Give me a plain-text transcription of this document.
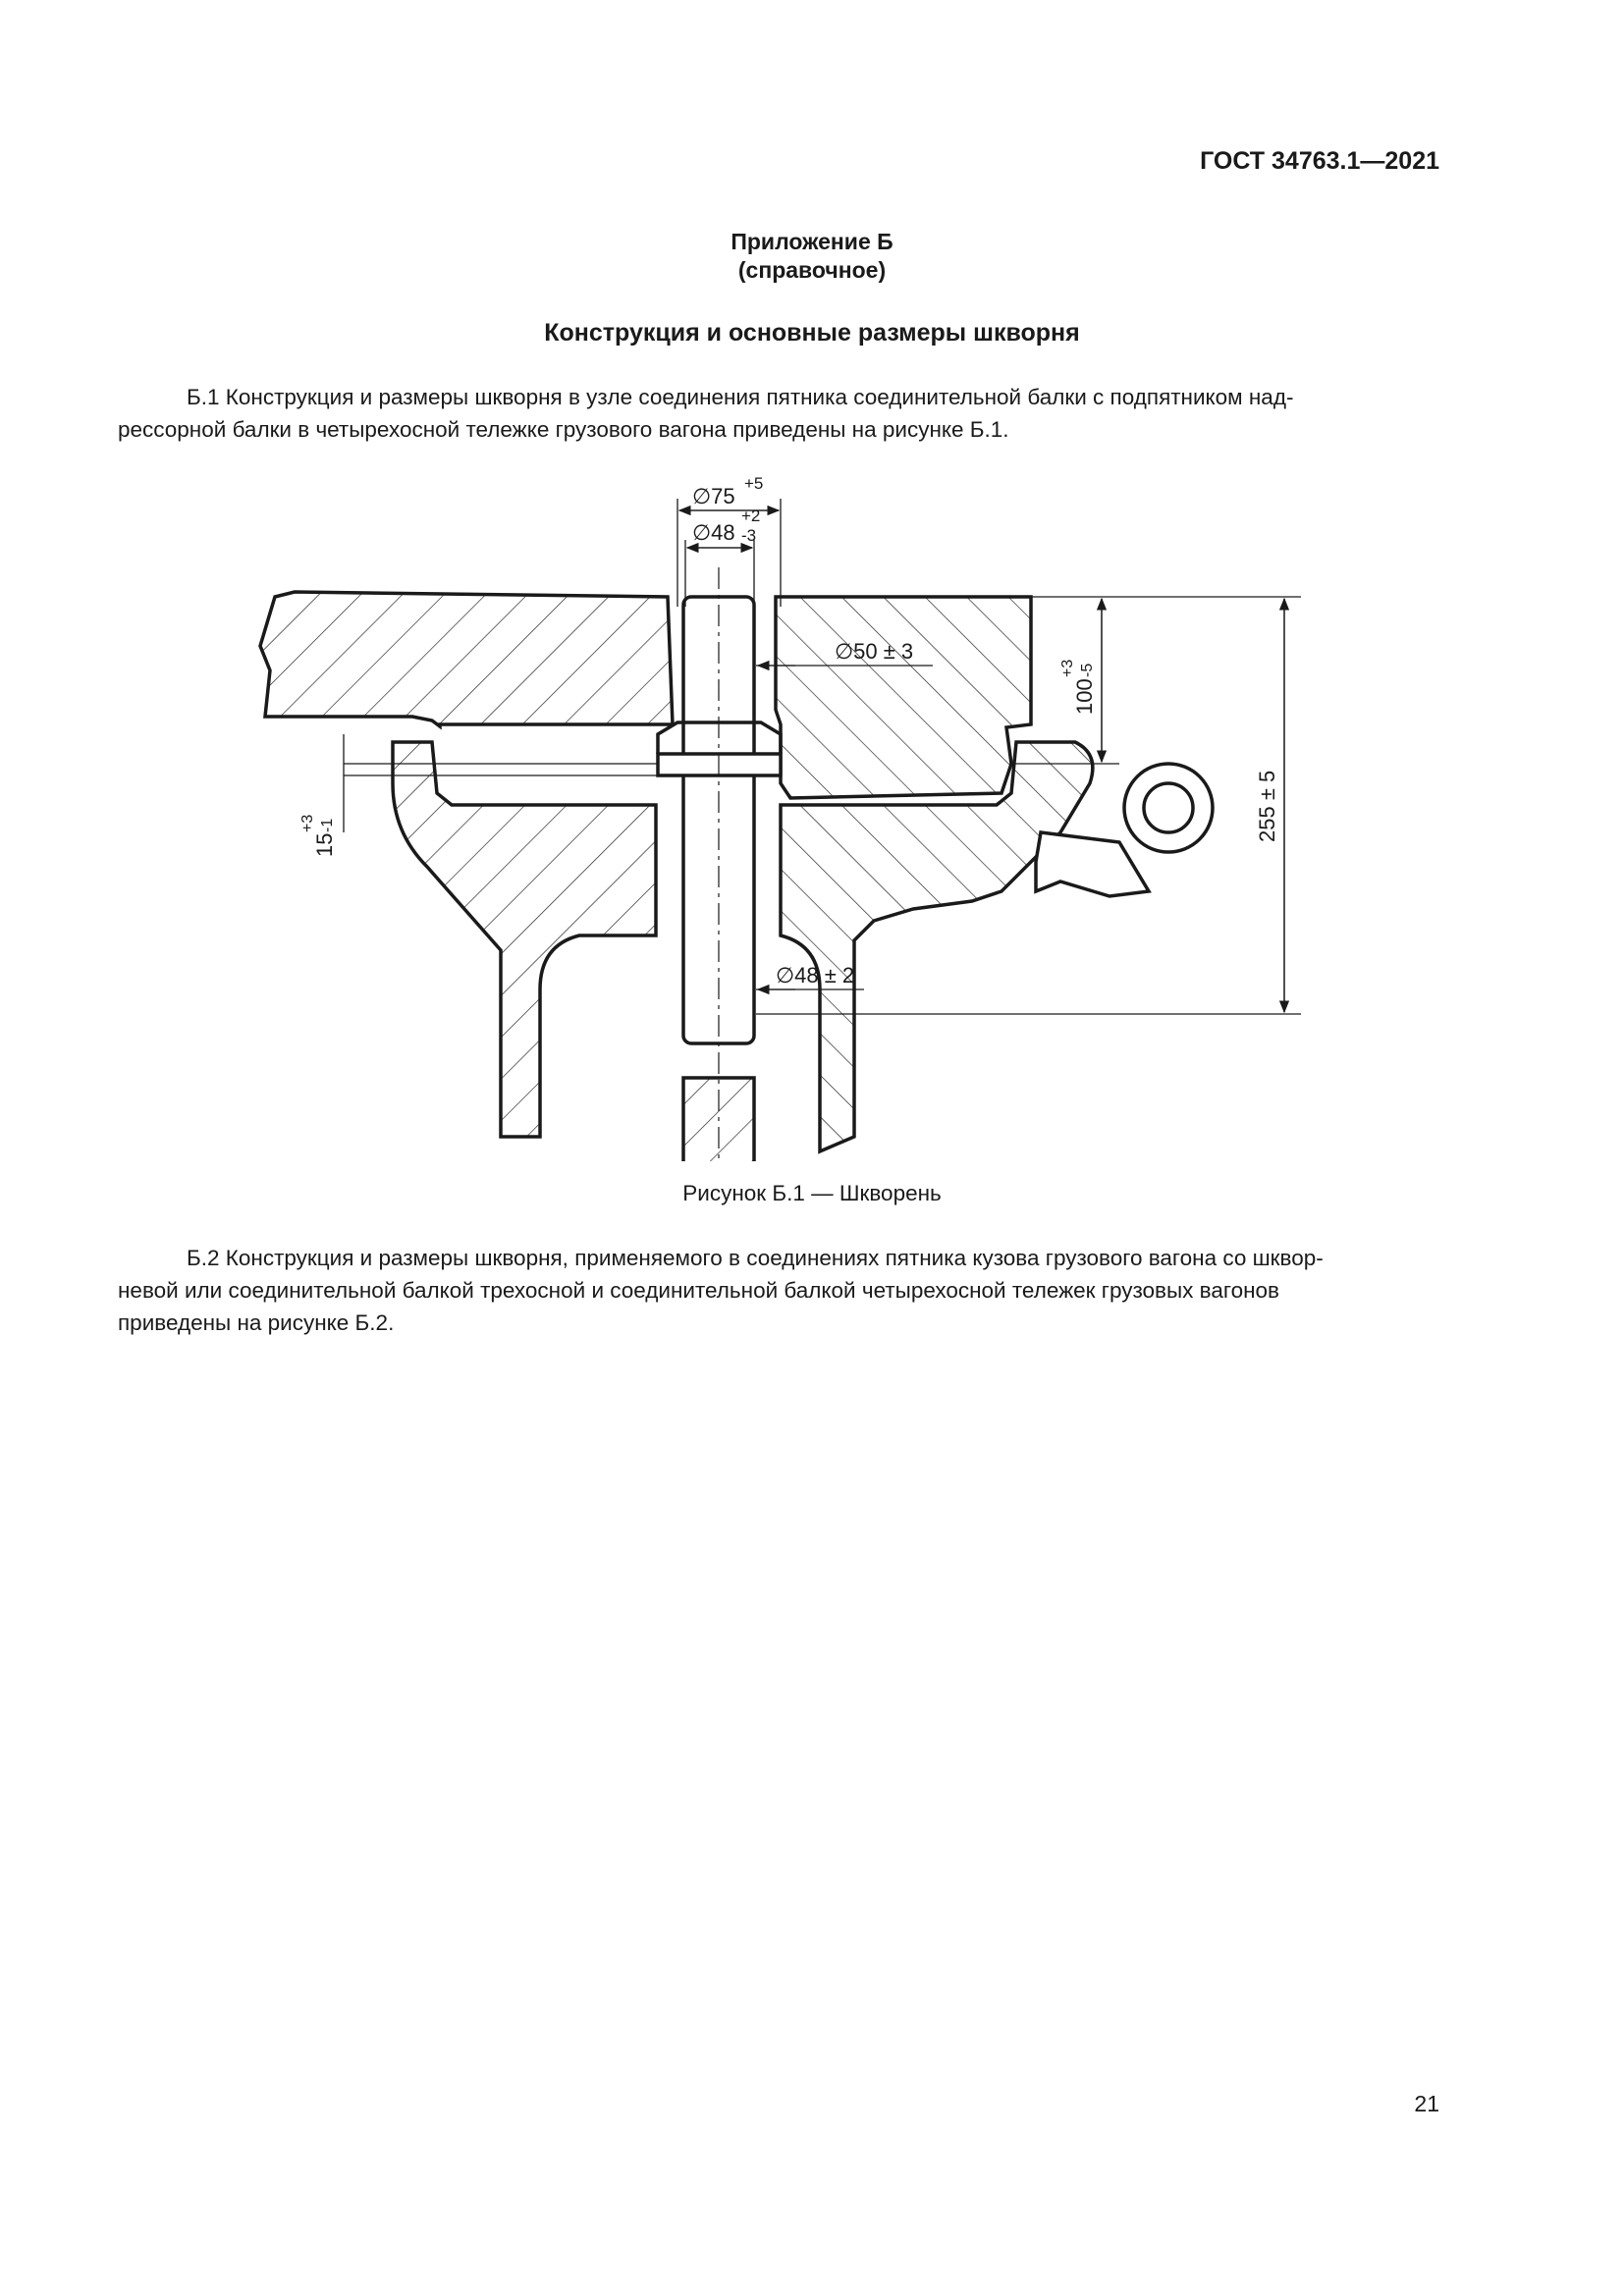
ГОСТ 34763.1—2021
Приложение Б
(справочное)
Конструкция и основные размеры шкворня
Б.1 Конструкция и размеры шкворня в узле соединения пятника соединительной балки с подпятником над-
рессорной балки в четырехосной тележке грузового вагона приведены на рисунке Б.1.
∅75
+5
∅48
+2
-3
∅50 ± 3
∅48 ± 2
100
+3 -5
255 ± 5
15
+3 -1
Рисунок Б.1 — Шкворень
Б.2 Конструкция и размеры шкворня, применяемого в соединениях пятника кузова грузового вагона со шквор-
невой или соединительной балкой трехосной и соединительной балкой четырехосной тележек грузовых вагонов
приведены на рисунке Б.2.
21
